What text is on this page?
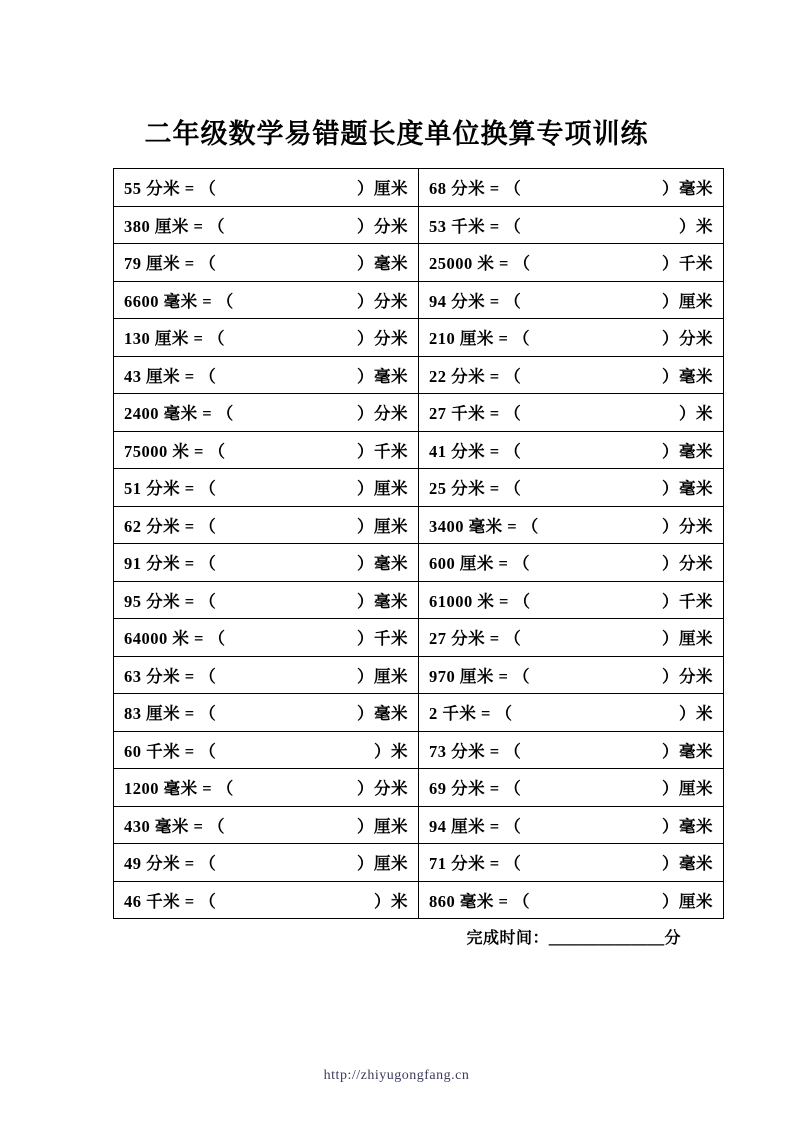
二年级数学易错题长度单位换算专项训练
55 分米 = （ ）厘米	68 分米 = （ ）毫米

380 厘米 = （ ）分米	53 千米 = （ ）米

79 厘米 = （ ）毫米	25000 米 = （ ）千米

6600 毫米 = （ ）分米	94 分米 = （ ）厘米

130 厘米 = （ ）分米	210 厘米 = （ ）分米

43 厘米 = （ ）毫米	22 分米 = （ ）毫米

2400 毫米 = （ ）分米	27 千米 = （ ）米

75000 米 = （ ）千米	41 分米 = （ ）毫米

51 分米 = （ ）厘米	25 分米 = （ ）毫米

62 分米 = （ ）厘米	3400 毫米 = （ ）分米

91 分米 = （ ）毫米	600 厘米 = （ ）分米

95 分米 = （ ）毫米	61000 米 = （ ）千米

64000 米 = （ ）千米	27 分米 = （ ）厘米

63 分米 = （ ）厘米	970 厘米 = （ ）分米

83 厘米 = （ ）毫米	2 千米 = （ ）米

60 千米 = （ ）米	73 分米 = （ ）毫米

1200 毫米 = （ ）分米	69 分米 = （ ）厘米

430 毫米 = （ ）厘米	94 厘米 = （ ）毫米

49 分米 = （ ）厘米	71 分米 = （ ）毫米

46 千米 = （ ）米	860 毫米 = （ ）厘米
完成时间：＿＿＿＿＿＿＿分
http://zhiyugongfang.cn
